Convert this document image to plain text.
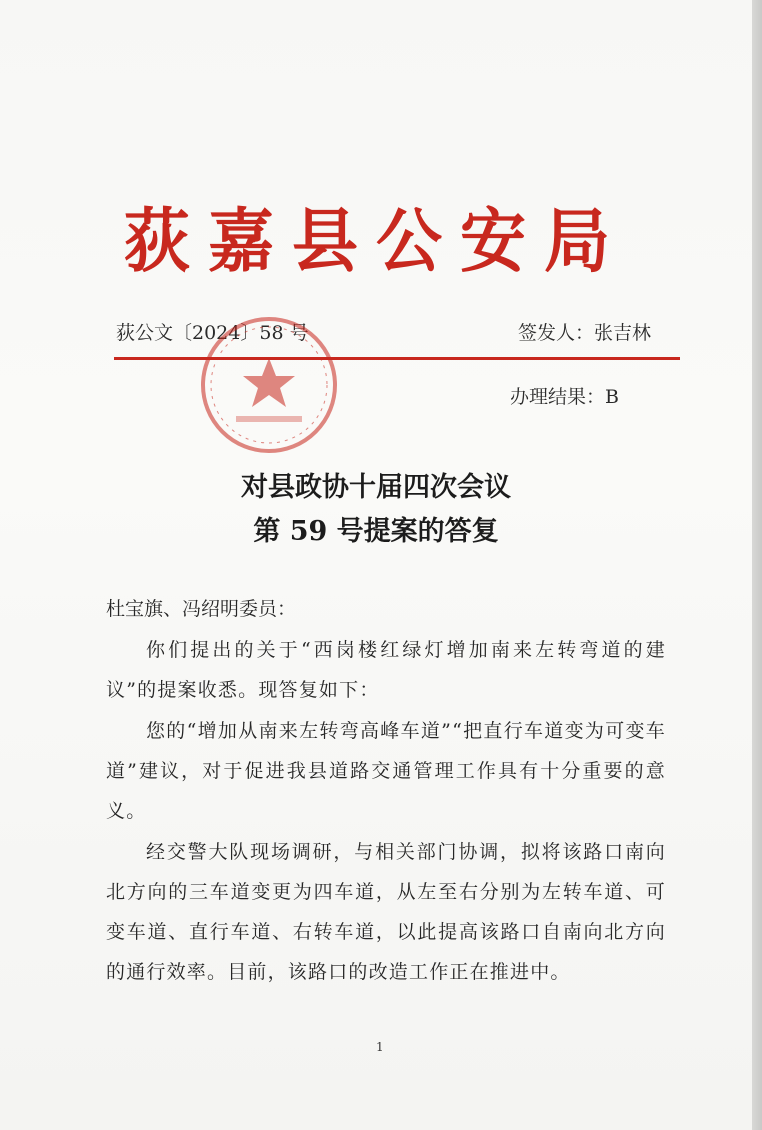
荻嘉县公安局
荻公文〔2024〕58 号	签发人：张吉林
办理结果：B
对县政协十届四次会议
第 59 号提案的答复
杜宝旗、冯绍明委员：
你们提出的关于“西岗楼红绿灯增加南来左转弯道的建议”的提案收悉。现答复如下：
您的“增加从南来左转弯高峰车道”“把直行车道变为可变车道”建议，对于促进我县道路交通管理工作具有十分重要的意义。
经交警大队现场调研，与相关部门协调，拟将该路口南向北方向的三车道变更为四车道，从左至右分别为左转车道、可变车道、直行车道、右转车道，以此提高该路口自南向北方向的通行效率。目前，该路口的改造工作正在推进中。
1
